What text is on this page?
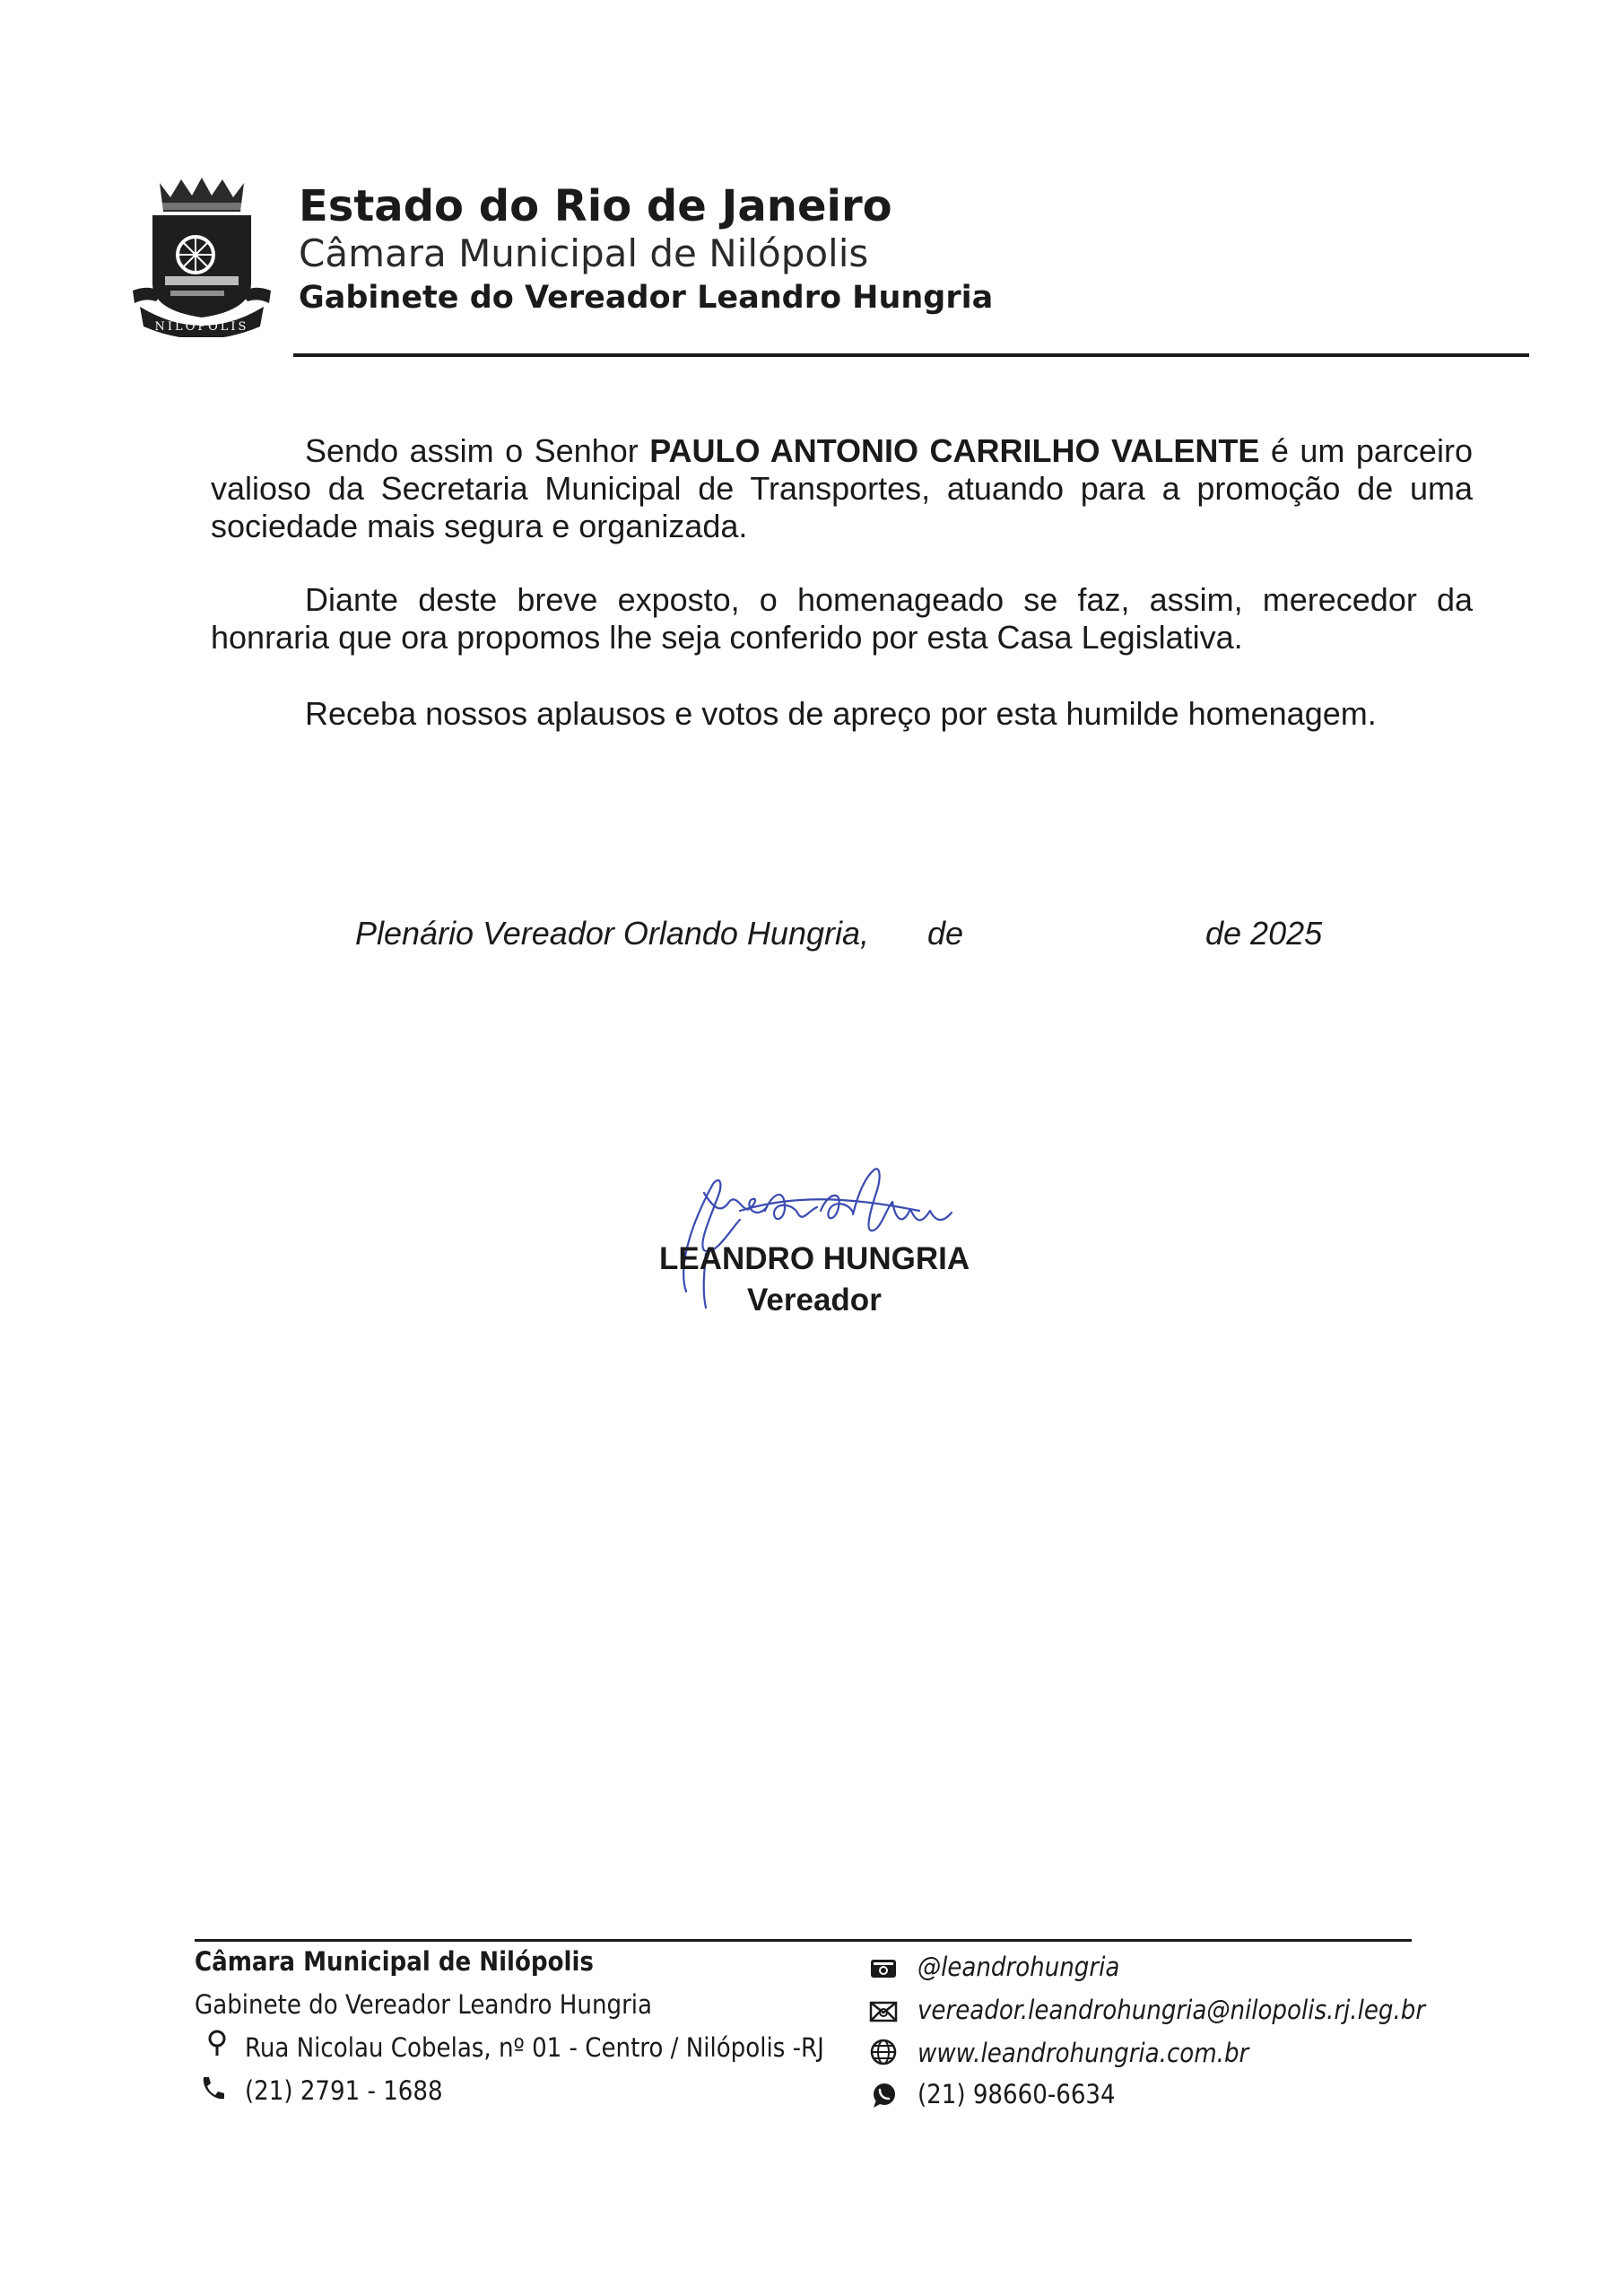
NILOPOLIS
Estado do Rio de Janeiro
Câmara Municipal de Nilópolis
Gabinete do Vereador Leandro Hungria

Sendo assim o Senhor PAULO ANTONIO CARRILHO VALENTE é um parceiro valioso da Secretaria Municipal de Transportes, atuando para a promoção de uma sociedade mais segura e organizada.

Diante deste breve exposto, o homenageado se faz, assim, merecedor da honraria que ora propomos lhe seja conferido por esta Casa Legislativa.

Receba nossos aplausos e votos de apreço por esta humilde homenagem.

Plenário Vereador Orlando Hungria, de	de 2025
LEANDRO HUNGRIA
Vereador
Câmara Municipal de Nilópolis
Gabinete do Vereador Leandro Hungria
Rua Nicolau Cobelas, nº 01 - Centro / Nilópolis -RJ
(21) 2791 - 1688
@leandrohungria
vereador.leandrohungria@nilopolis.rj.leg.br
www.leandrohungria.com.br
(21) 98660-6634
